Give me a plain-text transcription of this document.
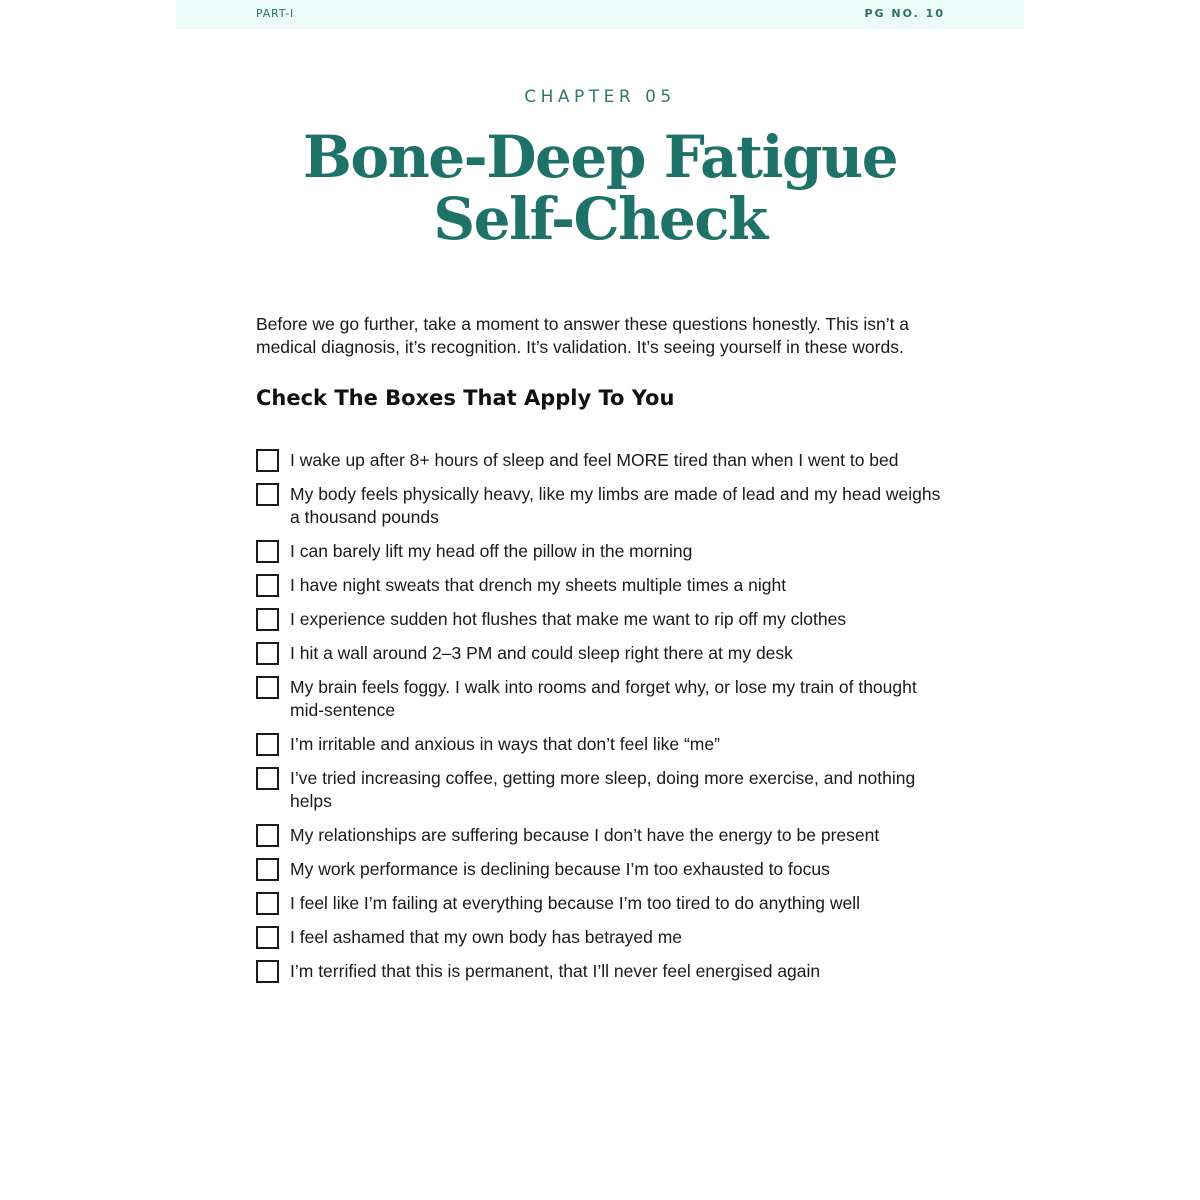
PART-I	PG NO. 10
CHAPTER 05
Bone-Deep Fatigue
Self-Check

Before we go further, take a moment to answer these questions honestly. This isn’t a medical diagnosis, it’s recognition. It’s validation. It’s seeing yourself in these words.

Check The Boxes That Apply To You
I wake up after 8+ hours of sleep and feel MORE tired than when I went to bed
My body feels physically heavy, like my limbs are made of lead and my head weighs a thousand pounds
I can barely lift my head off the pillow in the morning
I have night sweats that drench my sheets multiple times a night
I experience sudden hot flushes that make me want to rip off my clothes
I hit a wall around 2–3 PM and could sleep right there at my desk
My brain feels foggy. I walk into rooms and forget why, or lose my train of thought mid-sentence
I’m irritable and anxious in ways that don’t feel like “me”
I’ve tried increasing coffee, getting more sleep, doing more exercise, and nothing helps
My relationships are suffering because I don’t have the energy to be present
My work performance is declining because I’m too exhausted to focus
I feel like I’m failing at everything because I’m too tired to do anything well
I feel ashamed that my own body has betrayed me
I’m terrified that this is permanent, that I’ll never feel energised again
